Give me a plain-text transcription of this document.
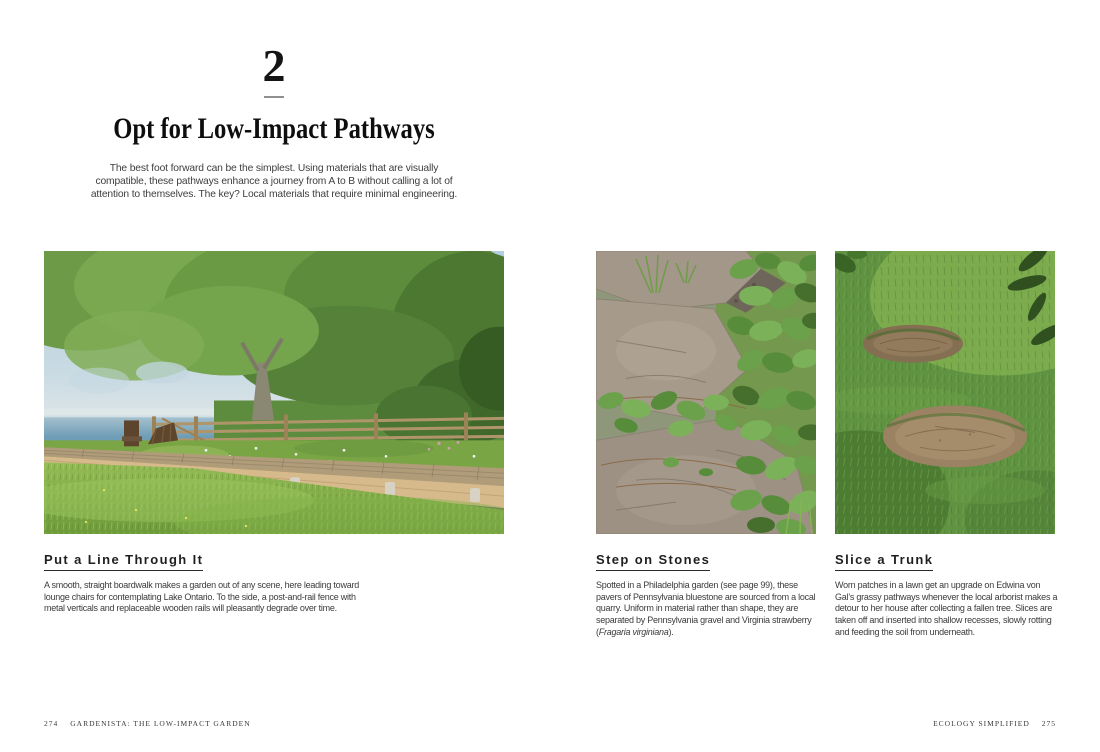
2
Opt for Low-Impact Pathways

The best foot forward can be the simplest. Using materials that are visually compatible, these pathways enhance a journey from A to B without calling a lot of attention to themselves. The key? Local materials that require minimal engineering.

Put a Line Through It

A smooth, straight boardwalk makes a garden out of any scene, here leading toward lounge chairs for contemplating Lake Ontario. To the side, a post-and-rail fence with metal verticals and replaceable wooden rails will pleasantly degrade over time.

Step on Stones

Spotted in a Philadelphia garden (see page 99), these pavers of Pennsylvania bluestone are sourced from a local quarry. Uniform in material rather than shape, they are separated by Pennsylvania gravel and Virginia strawberry (Fragaria virginiana).

Slice a Trunk

Worn patches in a lawn get an upgrade on Edwina von Gal’s grassy pathways whenever the local arborist makes a detour to her house after collecting a fallen tree. Slices are taken off and inserted into shallow recesses, slowly rotting and feeding the soil from underneath.

274 GARDENISTA: THE LOW-IMPACT GARDEN	ECOLOGY SIMPLIFIED 275
